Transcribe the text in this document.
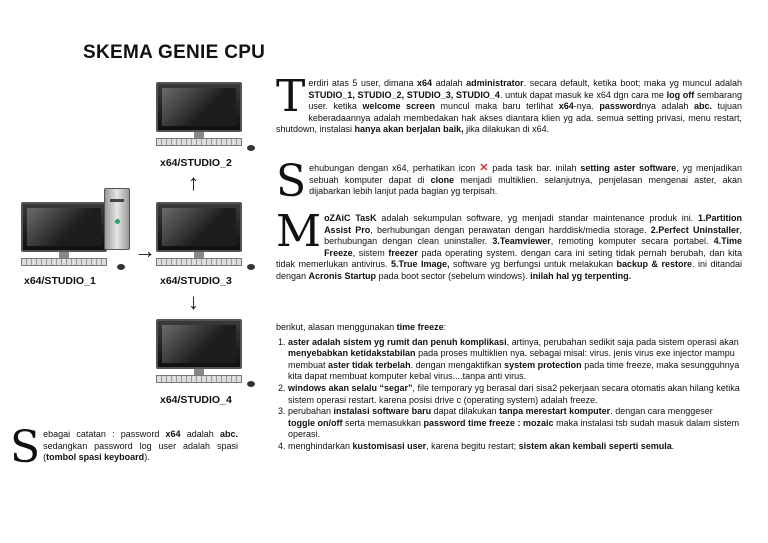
SKEMA GENIE CPU
x64/STUDIO_2
↑
x64/STUDIO_1
→
x64/STUDIO_3
↓
x64/STUDIO_4
Terdiri atas 5 user, dimana x64 adalah administrator. secara default, ketika boot; maka yg muncul adalah STUDIO_1, STUDIO_2, STUDIO_3, STUDIO_4. untuk dapat masuk ke x64 dgn cara me log off sembarang user. ketika welcome screen muncul maka baru terlihat x64-nya. passwordnya adalah abc. tujuan keberadaannya adalah membedakan hak akses diantara klien yg ada. semua setting privasi, menu restart, shutdown, instalasi hanya akan berjalan baik, jika dilakukan di x64.
Sehubungan dengan x64, perhatikan icon ✕ pada task bar. inilah setting aster software, yg menjadikan sebuah komputer dapat di clone menjadi multiklien. selanjutnya, penjelasan mengenai aster, akan dijabarkan lebih lanjut pada bagian yg terpisah.
MoZAiC TasK adalah sekumpulan software, yg menjadi standar maintenance produk ini. 1.Partition Assist Pro, berhubungan dengan perawatan dengan harddisk/media storage. 2.Perfect Uninstaller, berhubungan dengan clean uninstaller. 3.Teamviewer, remoting komputer secara portabel. 4.Time Freeze, sistem freezer pada operating system. dengan cara ini seting tidak pernah berubah, dan kita tidak memerlukan antivirus. 5.True Image, software yg berfungsi untuk melakukan backup & restore. ini ditandai dengan Acronis Startup pada boot sector (sebelum windows). inilah hal yg terpenting.

berikut, alasan menggunakan time freeze:

1. aster adalah sistem yg rumit dan penuh komplikasi, artinya, perubahan sedikit saja pada sistem operasi akan menyebabkan ketidakstabilan pada proses multiklien nya. sebagai misal: virus. jenis virus exe injector mampu membuat aster tidak terbelah. dengan mengaktifkan system protection pada time freeze, maka sesungguhnya kita dapat membuat komputer kebal virus....tanpa anti virus.
2. windows akan selalu “segar”, file temporary yg berasal dari sisa2 pekerjaan secara otomatis akan hilang ketika sistem operasi restart. karena posisi drive c (operating system) adalah freeze.
3. perubahan instalasi software baru dapat dilakukan tanpa merestart komputer. dengan cara menggeser toggle on/off serta memasukkan password time freeze : mozaic maka instalasi tsb sudah masuk dalam sistem operasi.
4. menghindarkan kustomisasi user, karena begitu restart; sistem akan kembali seperti semula.
Sebagai catatan : password x64 adalah abc. sedangkan password log user adalah spasi (tombol spasi keyboard).
